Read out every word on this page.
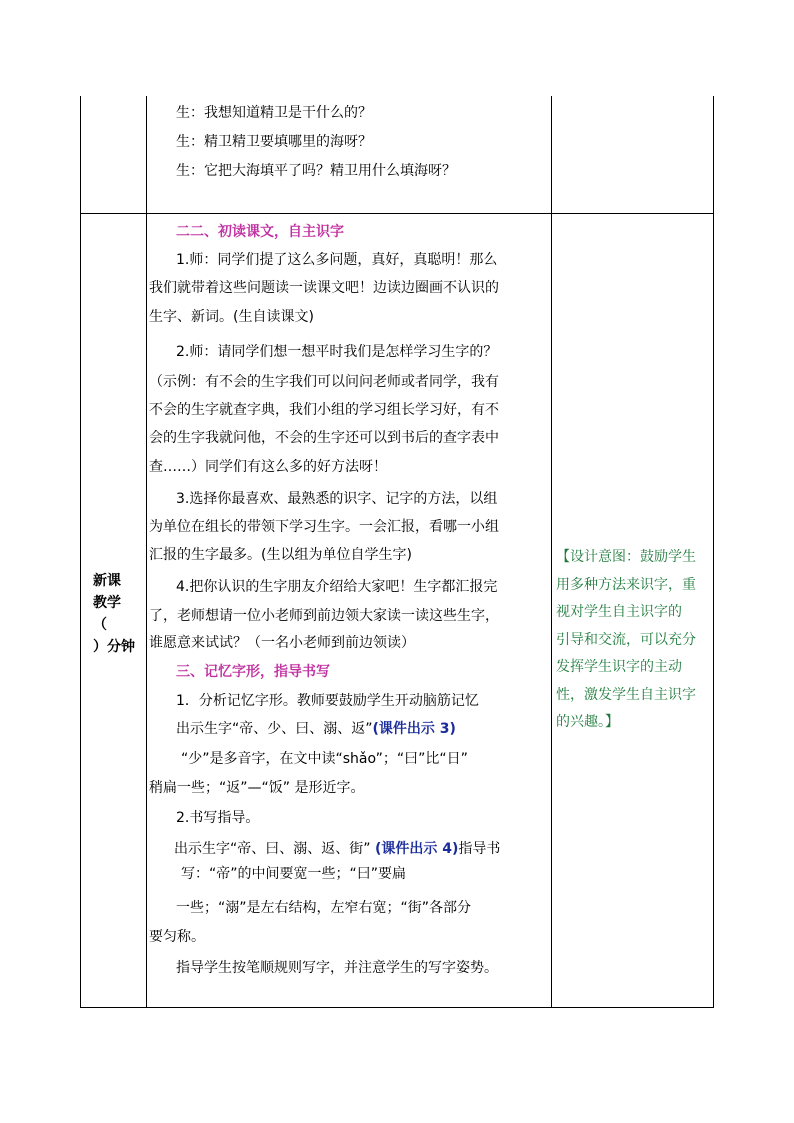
生：我想知道精卫是干什么的？
生：精卫精卫要填哪里的海呀？
生：它把大海填平了吗？精卫用什么填海呀？
新课
教学
（
）分钟
二二、初读课文，自主识字
1.师：同学们提了这么多问题，真好，真聪明！那么
我们就带着这些问题读一读课文吧！边读边圈画不认识的
生字、新词。(生自读课文)
2.师：请同学们想一想平时我们是怎样学习生字的？
（示例：有不会的生字我们可以问问老师或者同学，我有
不会的生字就查字典，我们小组的学习组长学习好，有不
会的生字我就问他，不会的生字还可以到书后的查字表中
查……）同学们有这么多的好方法呀！
3.选择你最喜欢、最熟悉的识字、记字的方法，以组
为单位在组长的带领下学习生字。一会汇报，看哪一小组
汇报的生字最多。(生以组为单位自学生字)
4.把你认识的生字朋友介绍给大家吧！生字都汇报完
了，老师想请一位小老师到前边领大家读一读这些生字，
谁愿意来试试？（一名小老师到前边领读）
三、记忆字形，指导书写
1．分析记忆字形。教师要鼓励学生开动脑筋记忆
出示生字“帝、少、曰、溺、返”(课件出示 3)
“少”是多音字，在文中读“shǎo”；“曰”比“日”
稍扁一些；“返”—“饭” 是形近字。
2.书写指导。
出示生字“帝、曰、溺、返、街” (课件出示 4)指导书
写：“帝”的中间要宽一些；“曰”要扁
一些；“溺”是左右结构，左窄右宽；“街”各部分
要匀称。
指导学生按笔顺规则写字，并注意学生的写字姿势。
【设计意图：鼓励学生
用多种方法来识字，重
视对学生自主识字的
引导和交流，可以充分
发挥学生识字的主动
性，激发学生自主识字
的兴趣。】
